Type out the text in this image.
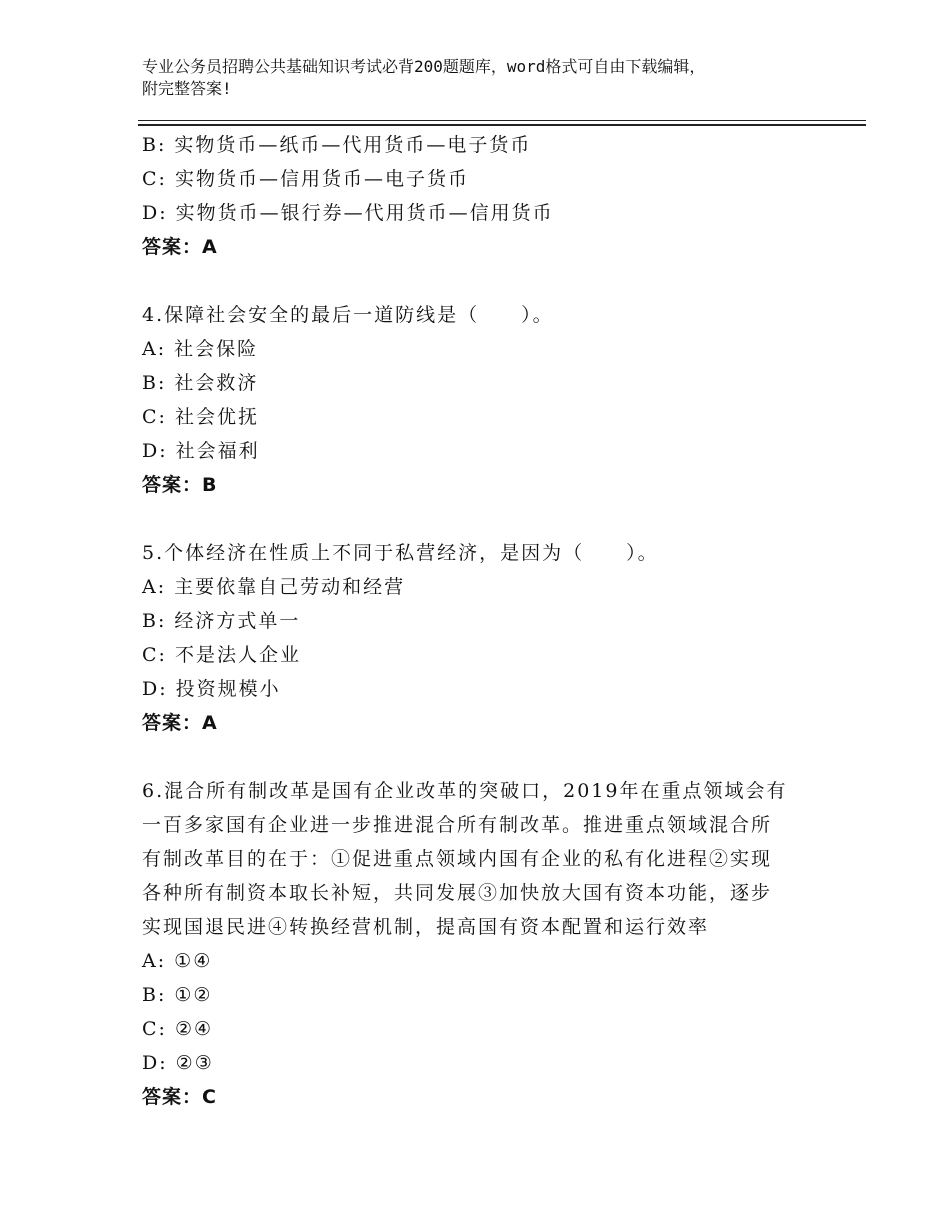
专业公务员招聘公共基础知识考试必背200题题库，word格式可自由下载编辑，
附完整答案!
B: 实物货币—纸币—代用货币—电子货币
C: 实物货币—信用货币—电子货币
D: 实物货币—银行券—代用货币—信用货币
答案：A
4.保障社会安全的最后一道防线是（　　）。
A: 社会保险
B: 社会救济
C: 社会优抚
D: 社会福利
答案：B
5.个体经济在性质上不同于私营经济，是因为（　　）。
A: 主要依靠自己劳动和经营
B: 经济方式单一
C: 不是法人企业
D: 投资规模小
答案：A
6.混合所有制改革是国有企业改革的突破口，2019年在重点领域会有
一百多家国有企业进一步推进混合所有制改革。推进重点领域混合所
有制改革目的在于：①促进重点领域内国有企业的私有化进程②实现
各种所有制资本取长补短，共同发展③加快放大国有资本功能，逐步
实现国退民进④转换经营机制，提高国有资本配置和运行效率
A: ①④
B: ①②
C: ②④
D: ②③
答案：C
